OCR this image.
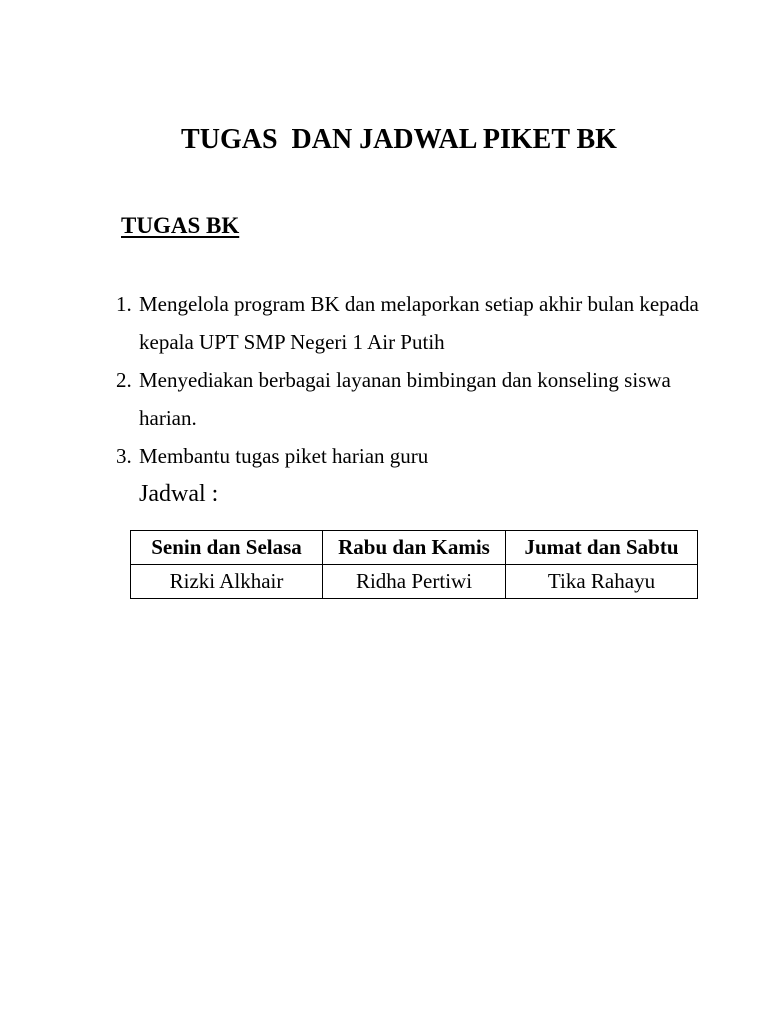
TUGAS  DAN JADWAL PIKET BK
TUGAS BK
1. Mengelola program BK dan melaporkan setiap akhir bulan kepada kepala UPT SMP Negeri 1 Air Putih
2. Menyediakan berbagai layanan bimbingan dan konseling siswa harian.
3. Membantu tugas piket harian guru

Jadwal :

Senin dan Selasa	Rabu dan Kamis	Jumat dan Sabtu
Rizki Alkhair	Ridha Pertiwi	Tika Rahayu
